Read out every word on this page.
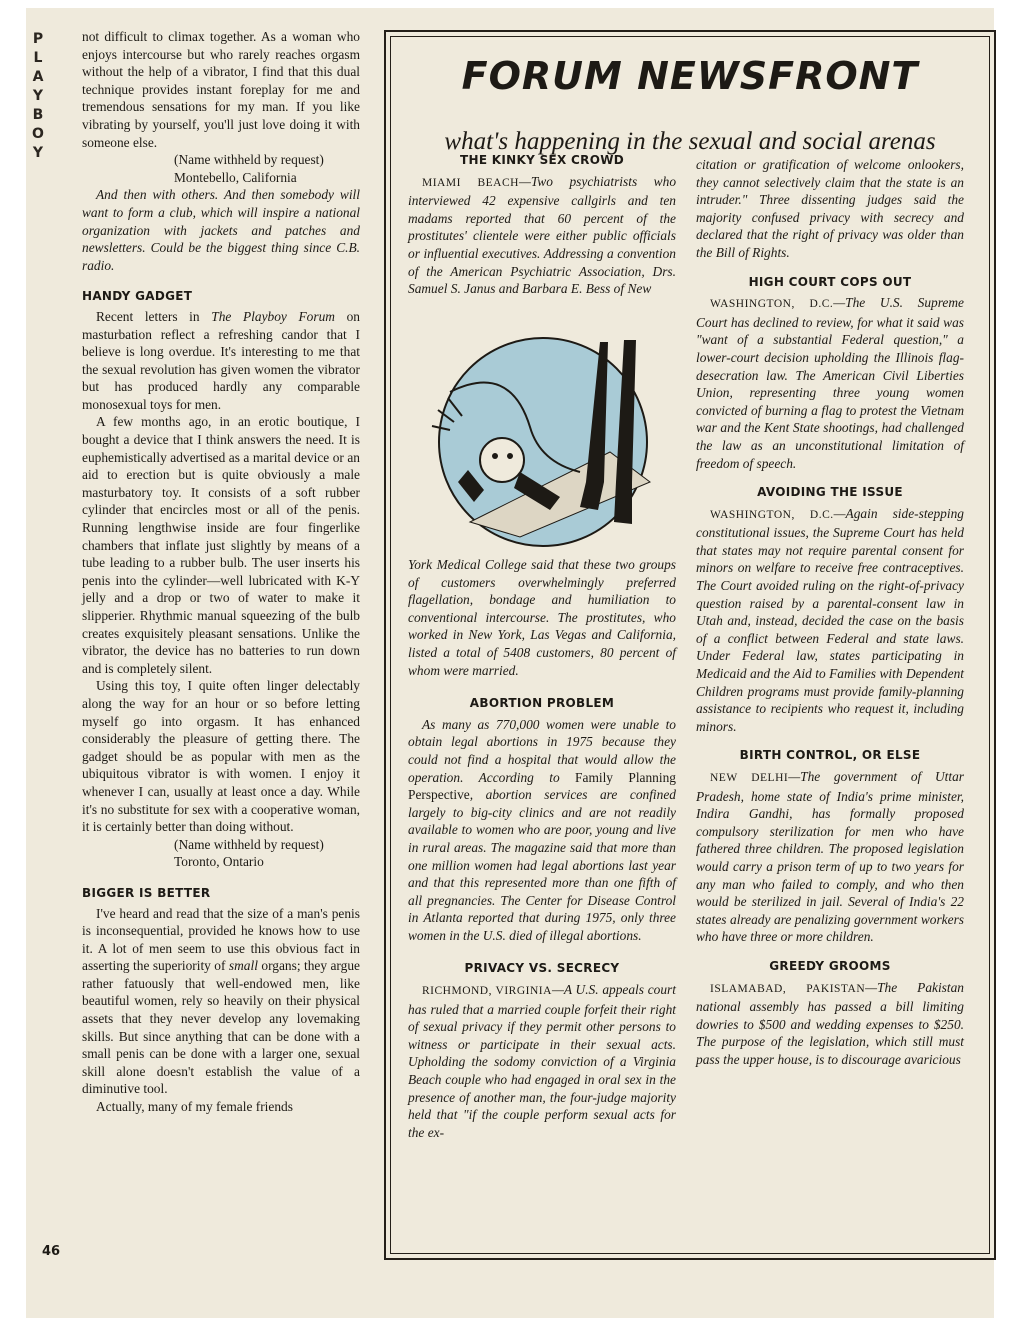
P
L
A
Y
B
O
Y
46

not difficult to climax together. As a woman who enjoys intercourse but who rarely reaches orgasm without the help of a vibrator, I find that this dual technique provides instant foreplay for me and tremendous sensations for my man. If you like vibrating by yourself, you'll just love doing it with someone else.

(Name withheld by request)

Montebello, California

And then with others. And then somebody will want to form a club, which will inspire a national organization with jackets and patches and newsletters. Could be the biggest thing since C.B. radio.

HANDY GADGET

Recent letters in The Playboy Forum on masturbation reflect a refreshing candor that I believe is long overdue. It's interesting to me that the sexual revolution has given women the vibrator but has produced hardly any comparable monosexual toys for men.

A few months ago, in an erotic boutique, I bought a device that I think answers the need. It is euphemistically advertised as a marital device or an aid to erection but is quite obviously a male masturbatory toy. It consists of a soft rubber cylinder that encircles most or all of the penis. Running lengthwise inside are four fingerlike chambers that inflate just slightly by means of a tube leading to a rubber bulb. The user inserts his penis into the cylinder—well lubricated with K-Y jelly and a drop or two of water to make it slipperier. Rhythmic manual squeezing of the bulb creates exquisitely pleasant sensations. Unlike the vibrator, the device has no batteries to run down and is completely silent.

Using this toy, I quite often linger delectably along the way for an hour or so before letting myself go into orgasm. It has enhanced considerably the pleasure of getting there. The gadget should be as popular with men as the ubiquitous vibrator is with women. I enjoy it whenever I can, usually at least once a day. While it's no substitute for sex with a cooperative woman, it is certainly better than doing without.

(Name withheld by request)

Toronto, Ontario

BIGGER IS BETTER

I've heard and read that the size of a man's penis is inconsequential, provided he knows how to use it. A lot of men seem to use this obvious fact in asserting the superiority of small organs; they argue rather fatuously that well-endowed men, like beautiful women, rely so heavily on their physical assets that they never develop any lovemaking skills. But since anything that can be done with a small penis can be done with a larger one, sexual skill alone doesn't establish the value of a diminutive tool.

Actually, many of my female friends

FORUM NEWSFRONT
what's happening in the sexual and social arenas
THE KINKY SEX CROWD

MIAMI BEACH—Two psychiatrists who interviewed 42 expensive callgirls and ten madams reported that 60 percent of the prostitutes' clientele were either public officials or influential executives. Addressing a convention of the American Psychiatric Association, Drs. Samuel S. Janus and Barbara E. Bess of New

York Medical College said that these two groups of customers overwhelmingly preferred flagellation, bondage and humiliation to conventional intercourse. The prostitutes, who worked in New York, Las Vegas and California, listed a total of 5408 customers, 80 percent of whom were married.

ABORTION PROBLEM

As many as 770,000 women were unable to obtain legal abortions in 1975 because they could not find a hospital that would allow the operation. According to Family Planning Perspective, abortion services are confined largely to big-city clinics and are not readily available to women who are poor, young and live in rural areas. The magazine said that more than one million women had legal abortions last year and that this represented more than one fifth of all pregnancies. The Center for Disease Control in Atlanta reported that during 1975, only three women in the U.S. died of illegal abortions.

PRIVACY VS. SECRECY

RICHMOND, VIRGINIA—A U.S. appeals court has ruled that a married couple forfeit their right of sexual privacy if they permit other persons to witness or participate in their sexual acts. Upholding the sodomy conviction of a Virginia Beach couple who had engaged in oral sex in the presence of another man, the four-judge majority held that "if the couple perform sexual acts for the ex-

citation or gratification of welcome onlookers, they cannot selectively claim that the state is an intruder." Three dissenting judges said the majority confused privacy with secrecy and declared that the right of privacy was older than the Bill of Rights.

HIGH COURT COPS OUT

WASHINGTON, D.C.—The U.S. Supreme Court has declined to review, for what it said was "want of a substantial Federal question," a lower-court decision upholding the Illinois flag-desecration law. The American Civil Liberties Union, representing three young women convicted of burning a flag to protest the Vietnam war and the Kent State shootings, had challenged the law as an unconstitutional limitation of freedom of speech.

AVOIDING THE ISSUE

WASHINGTON, D.C.—Again side-stepping constitutional issues, the Supreme Court has held that states may not require parental consent for minors on welfare to receive free contraceptives. The Court avoided ruling on the right-of-privacy question raised by a parental-consent law in Utah and, instead, decided the case on the basis of a conflict between Federal and state laws. Under Federal law, states participating in Medicaid and the Aid to Families with Dependent Children programs must provide family-planning assistance to recipients who request it, including minors.

BIRTH CONTROL, OR ELSE

NEW DELHI—The government of Uttar Pradesh, home state of India's prime minister, Indira Gandhi, has formally proposed compulsory sterilization for men who have fathered three children. The proposed legislation would carry a prison term of up to two years for any man who failed to comply, and who then would be sterilized in jail. Several of India's 22 states already are penalizing government workers who have three or more children.

GREEDY GROOMS

ISLAMABAD, PAKISTAN—The Pakistan national assembly has passed a bill limiting dowries to $500 and wedding expenses to $250. The purpose of the legislation, which still must pass the upper house, is to discourage avaricious
